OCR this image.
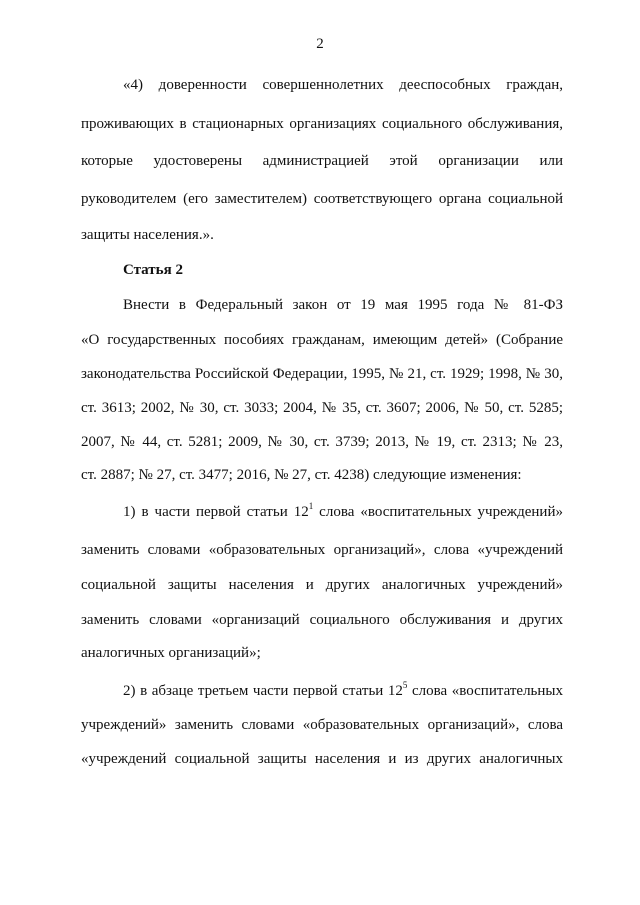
2
«4) доверенности совершеннолетних дееспособных граждан,
проживающих в стационарных организациях социального обслуживания,
которые удостоверены администрацией этой организации или
руководителем (его заместителем) соответствующего органа социальной
защиты населения.».
Статья 2
Внести в Федеральный закон от 19 мая 1995 года № 81-ФЗ
«О государственных пособиях гражданам, имеющим детей» (Собрание
законодательства Российской Федерации, 1995, № 21, ст. 1929; 1998, № 30,
ст. 3613; 2002, № 30, ст. 3033; 2004, № 35, ст. 3607; 2006, № 50, ст. 5285;
2007, № 44, ст. 5281; 2009, № 30, ст. 3739; 2013, № 19, ст. 2313; № 23,
ст. 2887; № 27, ст. 3477; 2016, № 27, ст. 4238) следующие изменения:
1) в части первой статьи $12^1$ слова «воспитательных учреждений»
заменить словами «образовательных организаций», слова «учреждений
социальной защиты населения и других аналогичных учреждений»
заменить словами «организаций социального обслуживания и других
аналогичных организаций»;
2) в абзаце третьем части первой статьи $12^5$ слова «воспитательных
учреждений» заменить словами «образовательных организаций», слова
«учреждений социальной защиты населения и из других аналогичных
